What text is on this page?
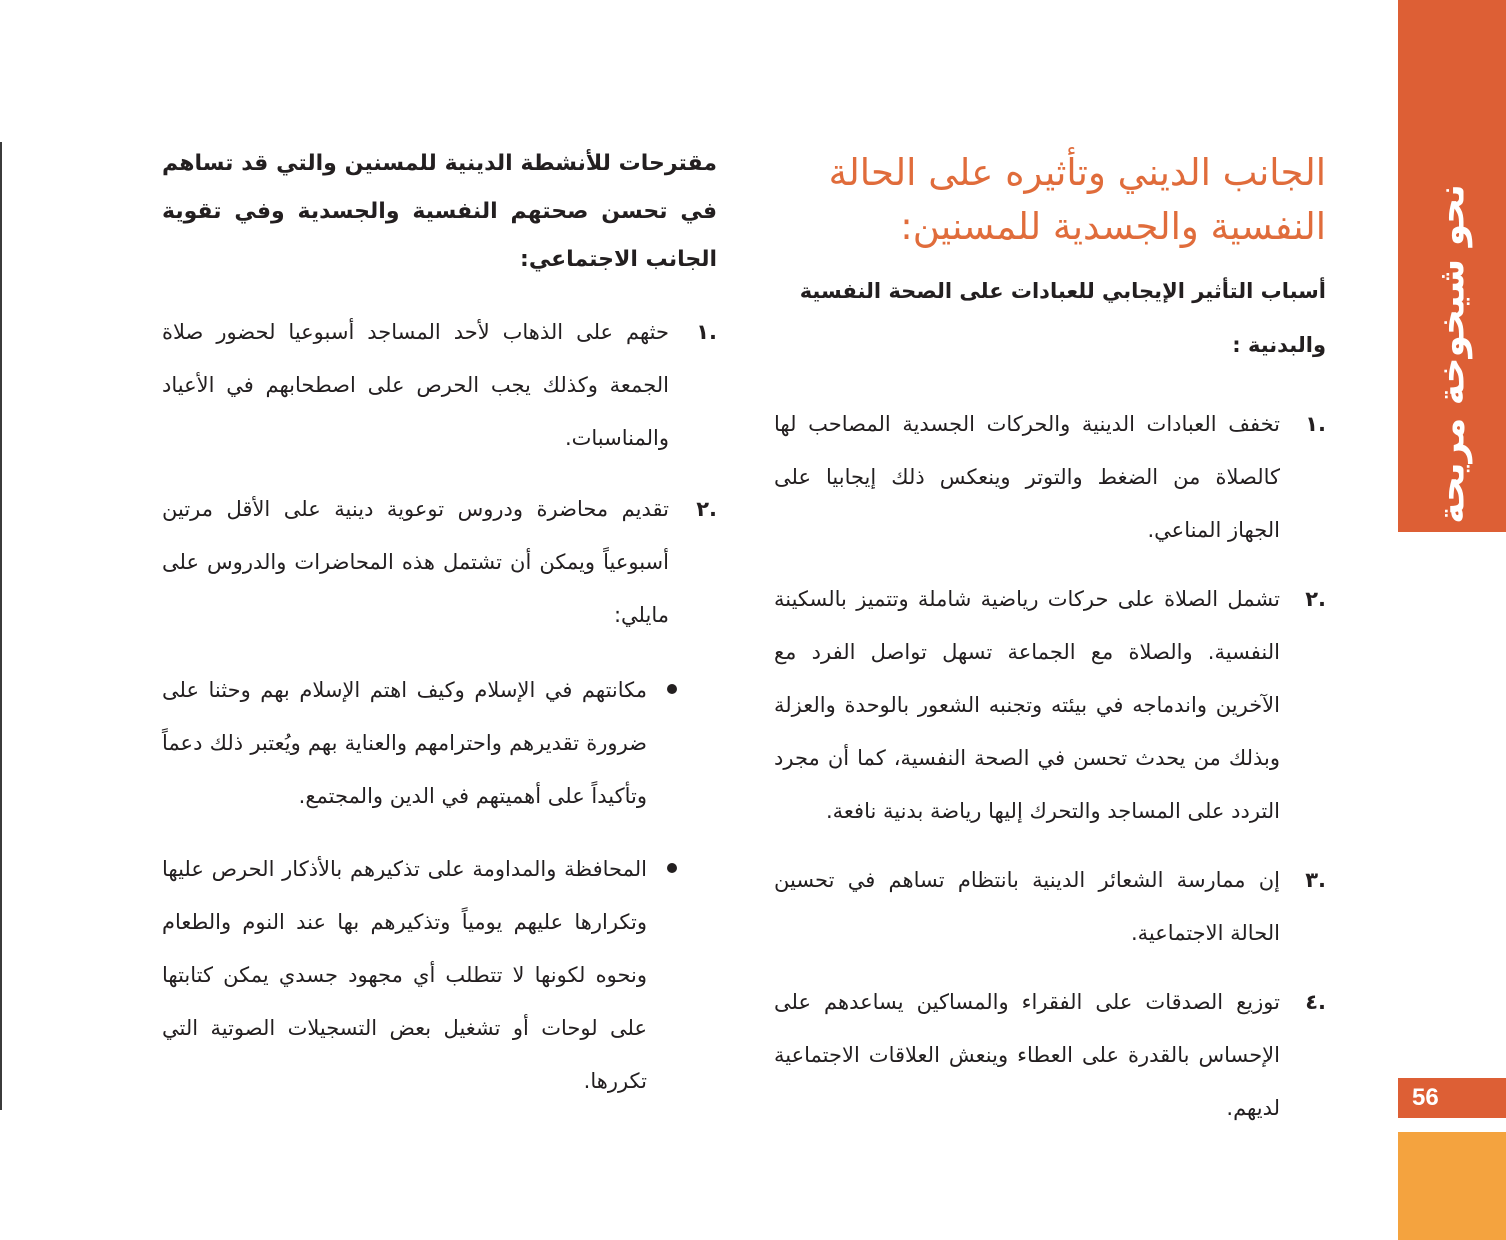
نحو شيخوخة مريحة
56
الجانب الديني وتأثيره على الحالة
النفسية والجسدية للمسنين:
أسباب التأثير الإيجابي للعبادات على الصحة النفسية والبدنية :
.١
تخفف العبادات الدينية والحركات الجسدية المصاحب لها كالصلاة من الضغط والتوتر وينعكس ذلك إيجابيا على الجهاز المناعي.
.٢
تشمل الصلاة على حركات رياضية شاملة وتتميز بالسكينة النفسية. والصلاة مع الجماعة تسهل تواصل الفرد مع الآخرين واندماجه في بيئته وتجنبه الشعور بالوحدة والعزلة وبذلك من يحدث تحسن في الصحة النفسية، كما أن مجرد التردد على المساجد والتحرك إليها رياضة بدنية نافعة.
.٣
إن ممارسة الشعائر الدينية بانتظام تساهم في تحسين الحالة الاجتماعية.
.٤
توزيع الصدقات على الفقراء والمساكين يساعدهم على الإحساس بالقدرة على العطاء وينعش العلاقات الاجتماعية لديهم.
مقترحات للأنشطة الدينية للمسنين والتي قد تساهم في تحسن صحتهم النفسية والجسدية وفي تقوية الجانب الاجتماعي:
.١
حثهم على الذهاب لأحد المساجد أسبوعيا لحضور صلاة الجمعة وكذلك يجب الحرص على اصطحابهم في الأعياد والمناسبات.
.٢
تقديم محاضرة ودروس توعوية دينية على الأقل مرتين أسبوعياً ويمكن أن تشتمل هذه المحاضرات والدروس على مايلي:
مكانتهم في الإسلام وكيف اهتم الإسلام بهم وحثنا على ضرورة تقديرهم واحترامهم والعناية بهم ويُعتبر ذلك دعماً وتأكيداً على أهميتهم في الدين والمجتمع.
المحافظة والمداومة على تذكيرهم بالأذكار الحرص عليها وتكرارها عليهم يومياً وتذكيرهم بها عند النوم والطعام ونحوه لكونها لا تتطلب أي مجهود جسدي يمكن كتابتها على لوحات أو تشغيل بعض التسجيلات الصوتية التي تكررها.
